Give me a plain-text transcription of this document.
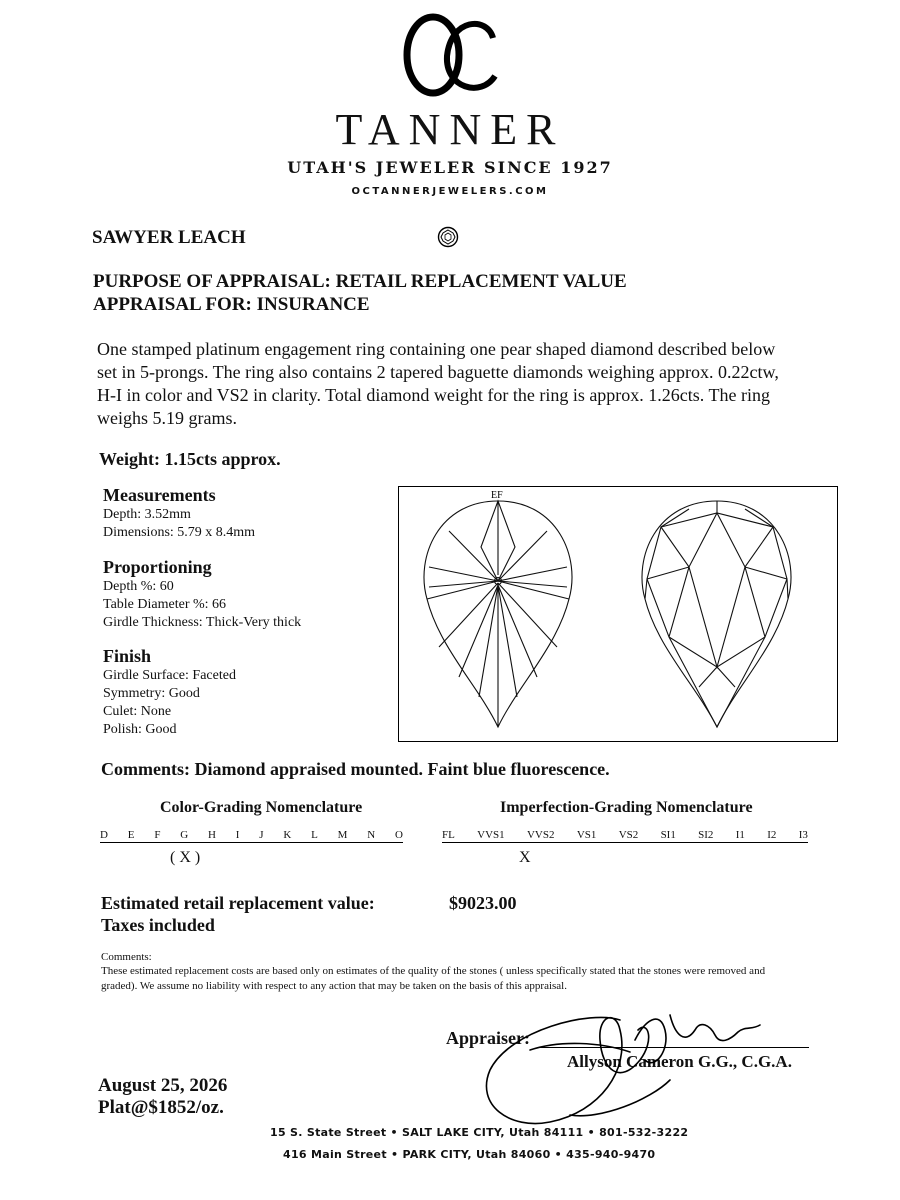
TANNER
UTAH'S JEWELER SINCE 1927
OCTANNERJEWELERS.COM
SAWYER LEACH
PURPOSE OF APPRAISAL: RETAIL REPLACEMENT VALUE
APPRAISAL FOR: INSURANCE
One stamped platinum engagement ring containing one pear shaped diamond described below set in 5-prongs. The ring also contains 2 tapered baguette diamonds weighing approx. 0.22ctw, H-I in color and VS2 in clarity. Total diamond weight for the ring is approx. 1.26cts. The ring weighs 5.19 grams.
Weight: 1.15cts approx.
Measurements
Depth: 3.52mm
Dimensions: 5.79 x 8.4mm
Proportioning
Depth %: 60
Table Diameter %: 66
Girdle Thickness: Thick-Very thick
Finish
Girdle Surface: Faceted
Symmetry: Good
Culet: None
Polish: Good
EF
Comments: Diamond appraised mounted. Faint blue fluorescence.
Color-Grading Nomenclature	Imperfection-Grading Nomenclature
D E F G H I J K L M N O	FL VVS1 VVS2 VS1 VS2 SI1 SI2 I1 I2 I3
( X )	X
Estimated retail replacement value:	$9023.00
Taxes included
Comments:
These estimated replacement costs are based only on estimates of the quality of the stones ( unless specifically stated that the stones were removed and graded). We assume no liability with respect to any action that may be taken on the basis of this appraisal.
Appraiser:
Allyson Cameron G.G., C.G.A.
August 25, 2026
Plat@$1852/oz.
15 S. State Street • SALT LAKE CITY, Utah 84111 • 801-532-3222
416 Main Street • PARK CITY, Utah 84060 • 435-940-9470
